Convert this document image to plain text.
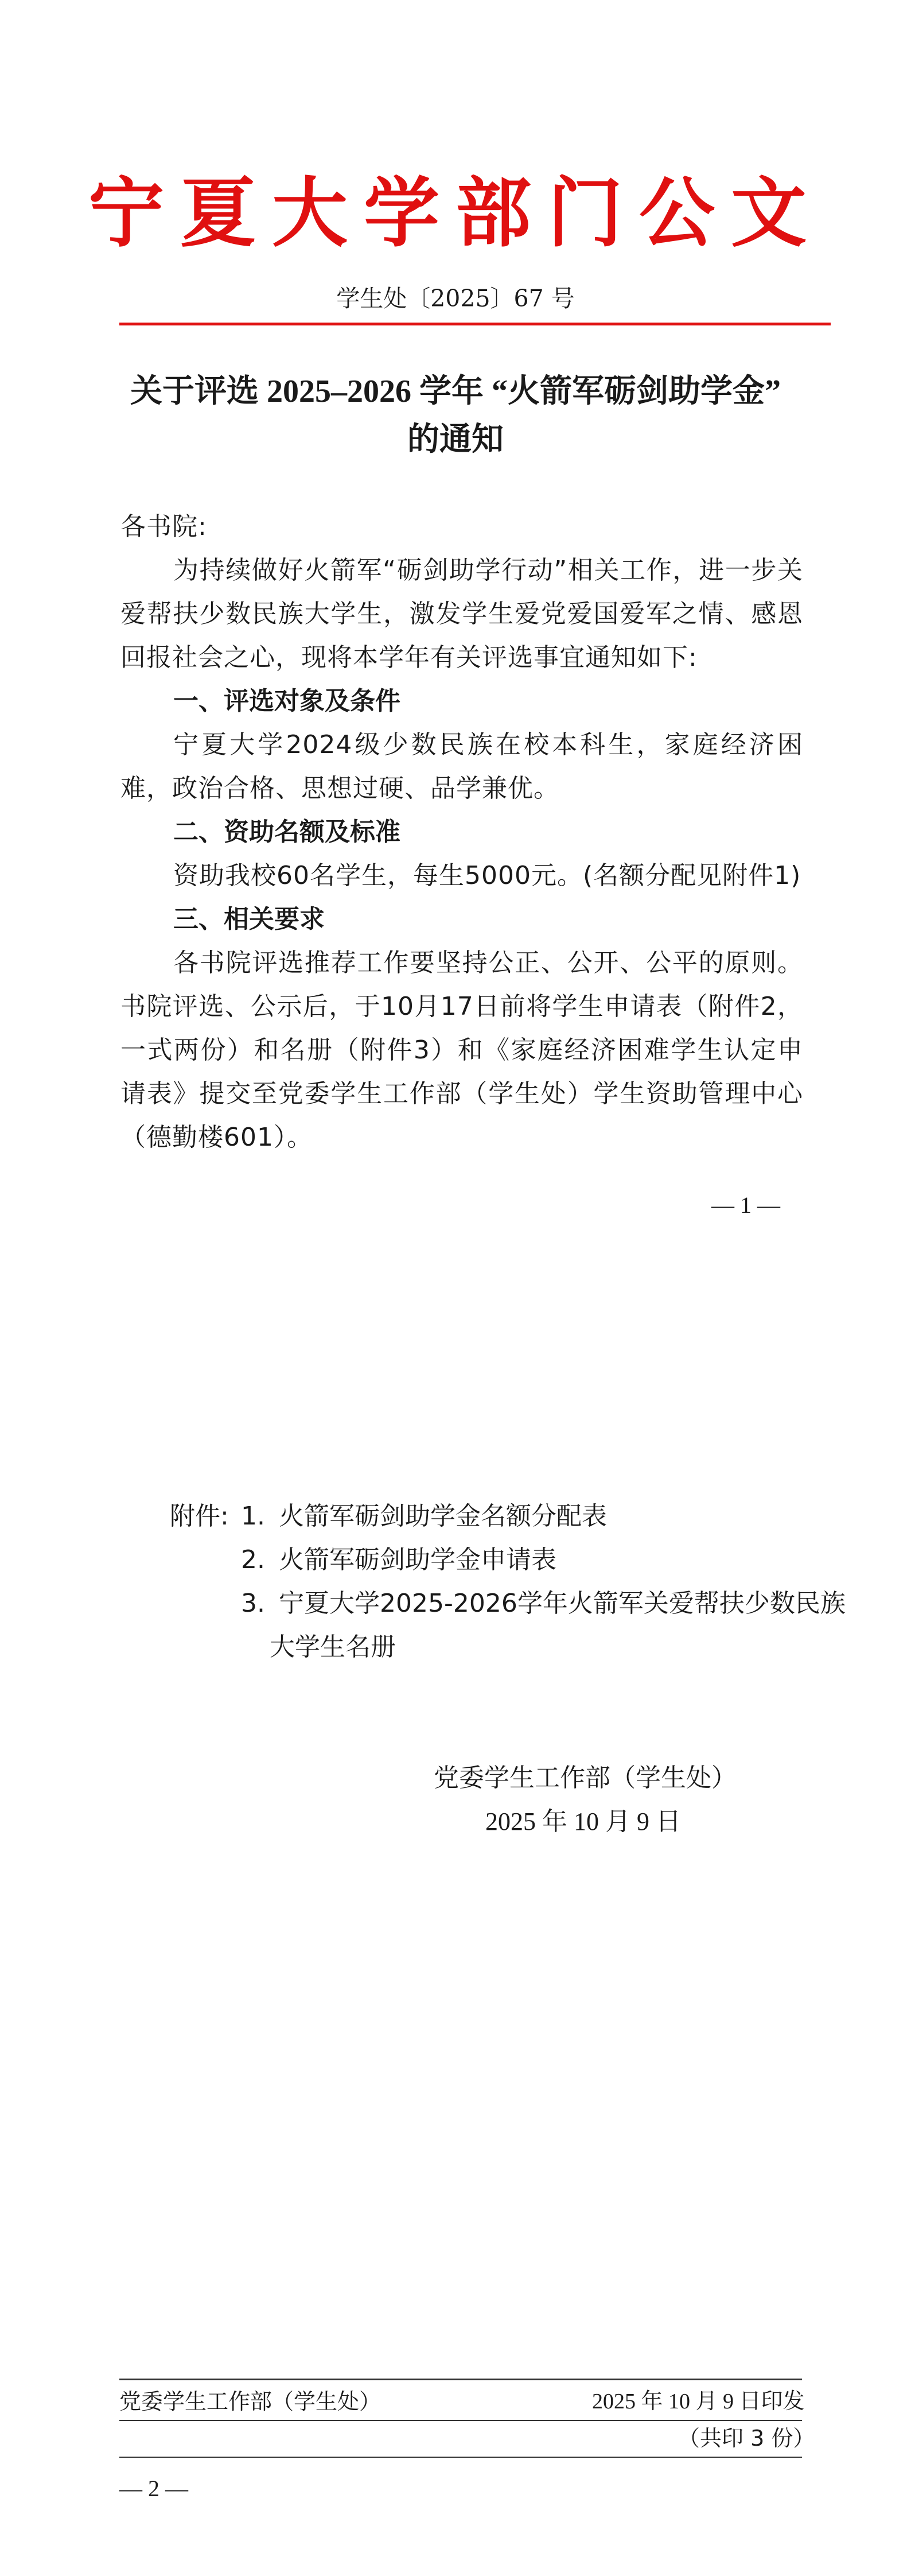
宁夏大学部门公文
学生处〔2025〕67 号
关于评选 2025–2026 学年 “火箭军砺剑助学金”
的通知
各书院:
为持续做好火箭军“砺剑助学行动”相关工作，进一步关爱帮扶少数民族大学生，激发学生爱党爱国爱军之情、感恩回报社会之心，现将本学年有关评选事宜通知如下:
一、评选对象及条件
宁夏大学2024级少数民族在校本科生，家庭经济困难，政治合格、思想过硬、品学兼优。
二、资助名额及标准
资助我校60名学生，每生5000元。(名额分配见附件1)
三、相关要求
各书院评选推荐工作要坚持公正、公开、公平的原则。书院评选、公示后，于10月17日前将学生申请表（附件2，一式两份）和名册（附件3）和《家庭经济困难学生认定申请表》提交至党委学生工作部（学生处）学生资助管理中心（德勤楼601）。
— 1 —
附件: 1. 火箭军砺剑助学金名额分配表
2. 火箭军砺剑助学金申请表
3. 宁夏大学2025-2026学年火箭军关爱帮扶少数民族
大学生名册
党委学生工作部（学生处）
2025 年 10 月 9 日
党委学生工作部（学生处）	2025 年 10 月 9 日印发
（共印 3 份）
— 2 —
